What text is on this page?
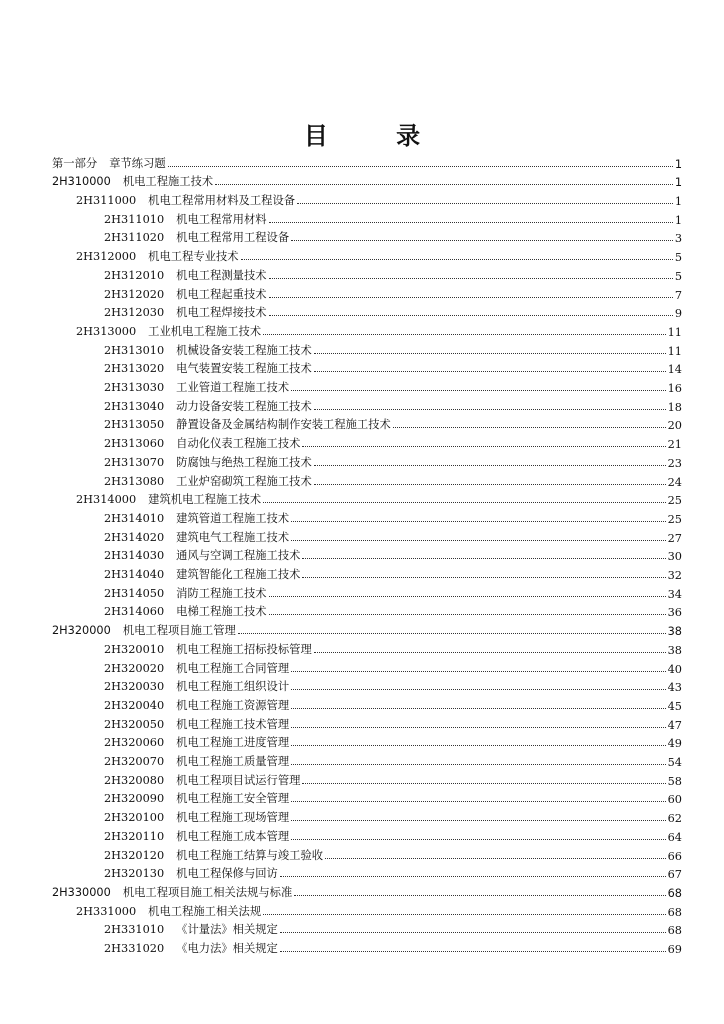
目 录
第一部分 章节练习题	1
2H310000 机电工程施工技术	1
2H311000 机电工程常用材料及工程设备	1
2H311010 机电工程常用材料	1
2H311020 机电工程常用工程设备	3
2H312000 机电工程专业技术	5
2H312010 机电工程测量技术	5
2H312020 机电工程起重技术	7
2H312030 机电工程焊接技术	9
2H313000 工业机电工程施工技术	11
2H313010 机械设备安装工程施工技术	11
2H313020 电气装置安装工程施工技术	14
2H313030 工业管道工程施工技术	16
2H313040 动力设备安装工程施工技术	18
2H313050 静置设备及金属结构制作安装工程施工技术	20
2H313060 自动化仪表工程施工技术	21
2H313070 防腐蚀与绝热工程施工技术	23
2H313080 工业炉窑砌筑工程施工技术	24
2H314000 建筑机电工程施工技术	25
2H314010 建筑管道工程施工技术	25
2H314020 建筑电气工程施工技术	27
2H314030 通风与空调工程施工技术	30
2H314040 建筑智能化工程施工技术	32
2H314050 消防工程施工技术	34
2H314060 电梯工程施工技术	36
2H320000 机电工程项目施工管理	38
2H320010 机电工程施工招标投标管理	38
2H320020 机电工程施工合同管理	40
2H320030 机电工程施工组织设计	43
2H320040 机电工程施工资源管理	45
2H320050 机电工程施工技术管理	47
2H320060 机电工程施工进度管理	49
2H320070 机电工程施工质量管理	54
2H320080 机电工程项目试运行管理	58
2H320090 机电工程施工安全管理	60
2H320100 机电工程施工现场管理	62
2H320110 机电工程施工成本管理	64
2H320120 机电工程施工结算与竣工验收	66
2H320130 机电工程保修与回访	67
2H330000 机电工程项目施工相关法规与标准	68
2H331000 机电工程施工相关法规	68
2H331010 《计量法》相关规定	68
2H331020 《电力法》相关规定	69
